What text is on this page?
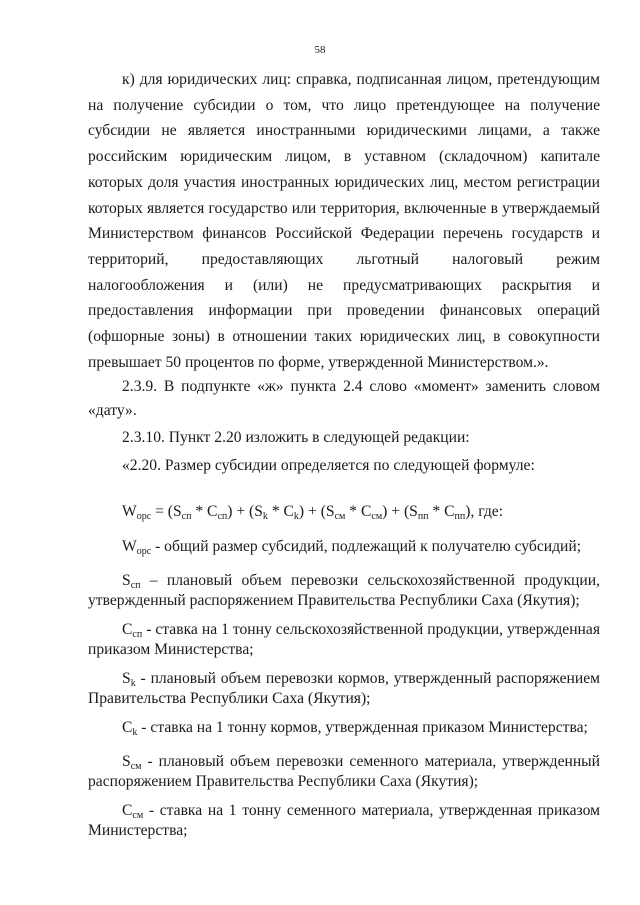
58

к) для юридических лиц: справка, подписанная лицом, претендующим на получение субсидии о том, что лицо претендующее на получение субсидии не является иностранными юридическими лицами, а также российским юридическим лицом, в уставном (складочном) капитале которых доля участия иностранных юридических лиц, местом регистрации которых является государство или территория, включенные в утверждаемый Министерством финансов Российской Федерации перечень государств и территорий, предоставляющих льготный налоговый режим налогообложения и (или) не предусматривающих раскрытия и предоставления информации при проведении финансовых операций (офшорные зоны) в отношении таких юридических лиц, в совокупности превышает 50 процентов по форме, утвержденной Министерством.».

2.3.9. В подпункте «ж» пункта 2.4 слово «момент» заменить словом «дату».

2.3.10. Пункт 2.20 изложить в следующей редакции:

«2.20. Размер субсидии определяется по следующей формуле:

$W_{орс} = (S_{сп} * C_{сп}) + (S_k * C_k) + (S_{см} * C_{см}) + (S_{пп} * C_{пп})$, где:

$W_{орс}$ - общий размер субсидий, подлежащий к получателю субсидий;

$S_{сп}$ – плановый объем перевозки сельскохозяйственной продукции, утвержденный распоряжением Правительства Республики Саха (Якутия);

$C_{сп}$ - ставка на 1 тонну сельскохозяйственной продукции, утвержденная приказом Министерства;

$S_k$ - плановый объем перевозки кормов, утвержденный распоряжением Правительства Республики Саха (Якутия);

$C_k$ - ставка на 1 тонну кормов, утвержденная приказом Министерства;

$S_{см}$ - плановый объем перевозки семенного материала, утвержденный распоряжением Правительства Республики Саха (Якутия);

$C_{см}$ - ставка на 1 тонну семенного материала, утвержденная приказом Министерства;
